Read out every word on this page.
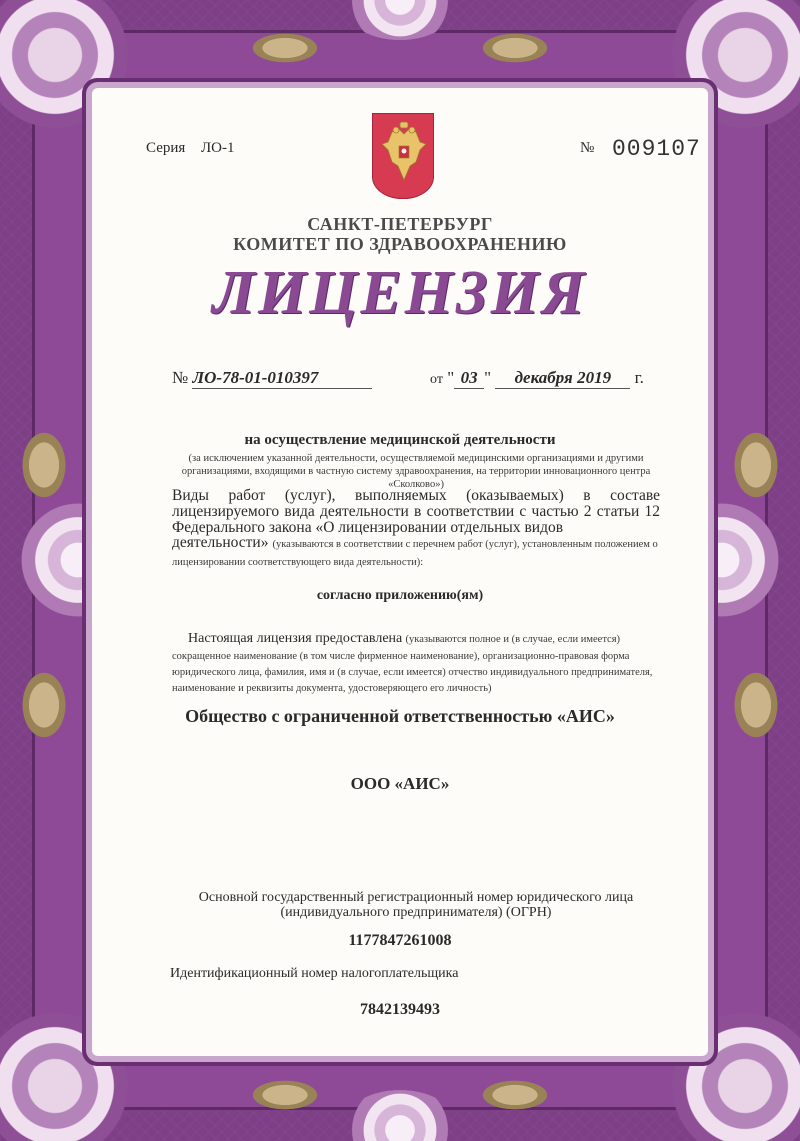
Серия ЛО-1	№ 009107
САНКТ-ПЕТЕРБУРГ
КОМИТЕТ ПО ЗДРАВООХРАНЕНИЮ
ЛИЦЕНЗИЯ
№ ЛО-78-01-010397	от " 03 " декабря 2019 г.
на осуществление медицинской деятельности
(за исключением указанной деятельности, осуществляемой медицинскими организациями и другими организациями, входящими в частную систему здравоохранения, на территории инновационного центра «Сколково»)
Виды работ (услуг), выполняемых (оказываемых) в составе лицензируемого вида деятельности в соответствии с частью 2 статьи 12 Федерального закона «О лицензировании отдельных видов
деятельности» (указываются в соответствии с перечнем работ (услуг), установленным положением о лицензировании соответствующего вида деятельности):
согласно приложению(ям)
Настоящая лицензия предоставлена (указываются полное и (в случае, если имеется) сокращенное наименование (в том числе фирменное наименование), организационно-правовая форма юридического лица, фамилия, имя и (в случае, если имеется) отчество индивидуального предпринимателя, наименование и реквизиты документа, удостоверяющего его личность)
Общество с ограниченной ответственностью «АИС»
ООО «АИС»
Основной государственный регистрационный номер юридического лица (индивидуального предпринимателя) (ОГРН)
1177847261008
Идентификационный номер налогоплательщика
7842139493
